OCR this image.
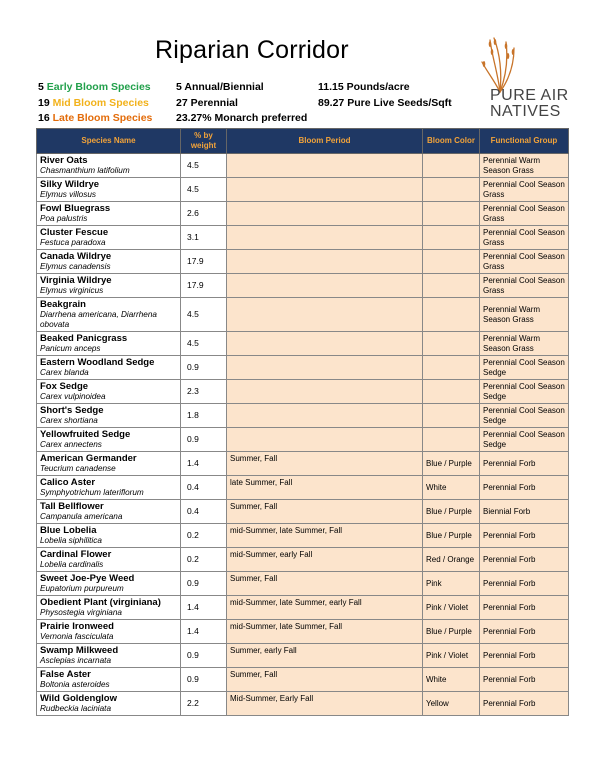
Riparian Corridor
5 Early Bloom Species
19 Mid Bloom Species
16 Late Bloom Species
5 Annual/Biennial
27 Perennial
23.27% Monarch preferred
11.15 Pounds/acre
89.27 Pure Live Seeds/Sqft PURE AIR
NATIVES
Species Name	% by weight	Bloom Period	Bloom Color	Functional Group

River Oats
Chasmanthium latifolium	4.5			Perennial Warm Season Grass

Silky Wildrye
Elymus villosus	4.5			Perennial Cool Season Grass

Fowl Bluegrass
Poa palustris	2.6			Perennial Cool Season Grass

Cluster Fescue
Festuca paradoxa	3.1			Perennial Cool Season Grass

Canada Wildrye
Elymus canadensis	17.9			Perennial Cool Season Grass

Virginia Wildrye
Elymus virginicus	17.9			Perennial Cool Season Grass

Beakgrain
Diarrhena americana, Diarrhena obovata	4.5			Perennial Warm Season Grass

Beaked Panicgrass
Panicum anceps	4.5			Perennial Warm Season Grass

Eastern Woodland Sedge
Carex blanda	0.9			Perennial Cool Season Sedge

Fox Sedge
Carex vulpinoidea	2.3			Perennial Cool Season Sedge

Short's Sedge
Carex shortiana	1.8			Perennial Cool Season Sedge

Yellowfruited Sedge
Carex annectens	0.9			Perennial Cool Season Sedge

American Germander
Teucrium canadense	1.4	Summer, Fall	Blue / Purple	Perennial Forb

Calico Aster
Symphyotrichum lateriflorum	0.4	late Summer, Fall	White	Perennial Forb

Tall Bellflower
Campanula americana	0.4	Summer, Fall	Blue / Purple	Biennial Forb

Blue Lobelia
Lobelia siphilitica	0.2	mid-Summer, late Summer, Fall	Blue / Purple	Perennial Forb

Cardinal Flower
Lobelia cardinalis	0.2	mid-Summer, early Fall	Red / Orange	Perennial Forb

Sweet Joe-Pye Weed
Eupatorium purpureum	0.9	Summer, Fall	Pink	Perennial Forb

Obedient Plant (virginiana)
Physostegia virginiana	1.4	mid-Summer, late Summer, early Fall	Pink / Violet	Perennial Forb

Prairie Ironweed
Vernonia fasciculata	1.4	mid-Summer, late Summer, Fall	Blue / Purple	Perennial Forb

Swamp Milkweed
Asclepias incarnata	0.9	Summer, early Fall	Pink / Violet	Perennial Forb

False Aster
Boltonia asteroides	0.9	Summer, Fall	White	Perennial Forb

Wild Goldenglow
Rudbeckia laciniata	2.2	Mid-Summer, Early Fall	Yellow	Perennial Forb
